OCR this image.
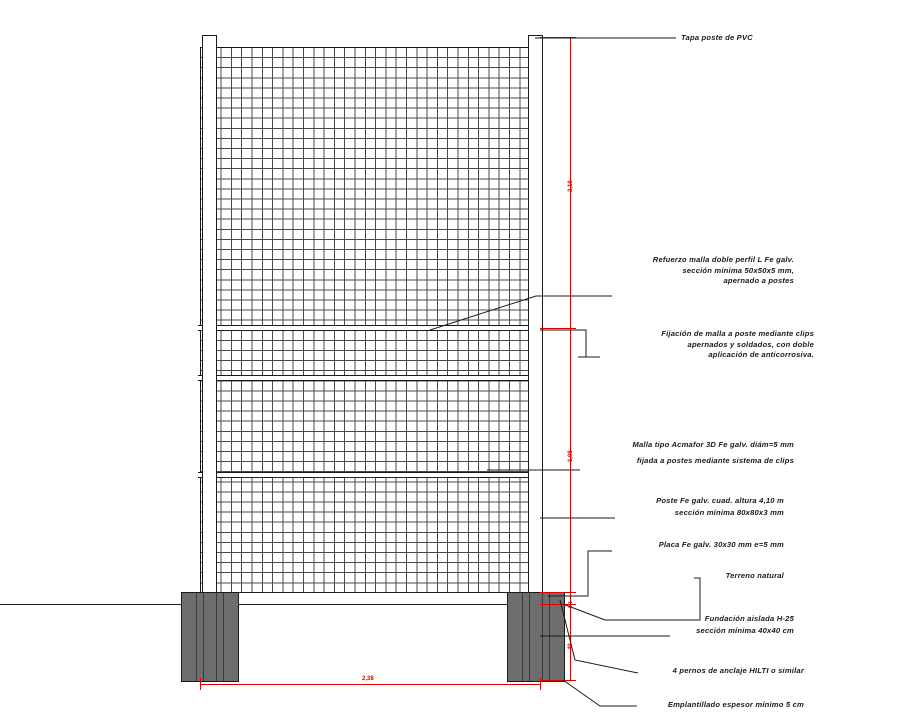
Tapa poste de PVC
Refuerzo malla doble perfil L Fe galv.
sección mínima 50x50x5 mm,
apernado a postes
Fijación de malla a poste mediante clips
apernados y soldados, con doble
aplicación de anticorrosiva.
Malla tipo Acmafor 3D Fe galv. diám=5 mm
fijada a postes mediante sistema de clips
Poste Fe galv. cuad. altura 4,10 m
sección mínima 80x80x3 mm
Placa Fe galv. 30x30 mm e=5 mm
Terreno natural
Fundación aislada H-25
sección mínima 40x40 cm
4 pernos de anclaje HILTI o similar
Emplantillado espesor mínimo 5 cm
2,19
1,98
0,1
40
2,38
